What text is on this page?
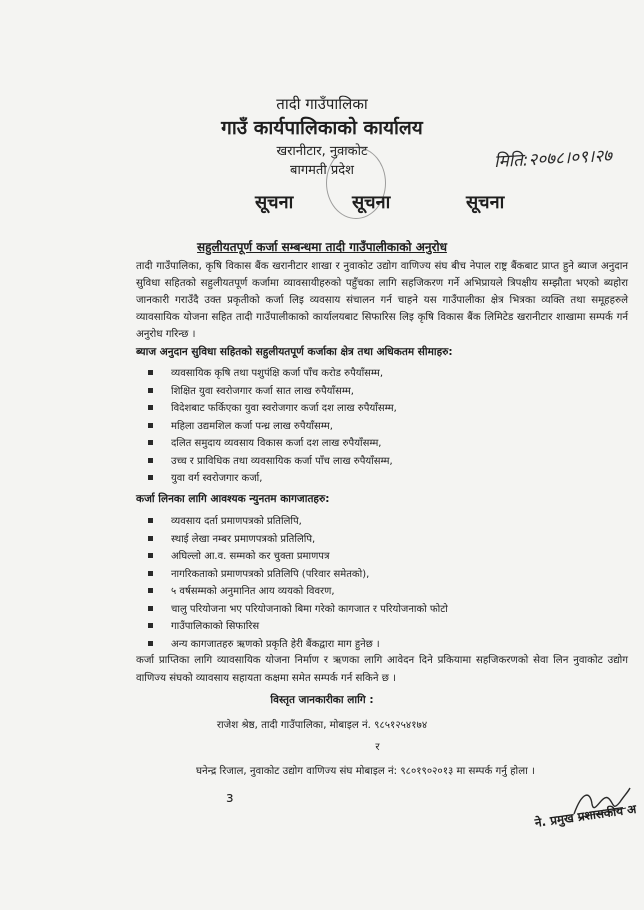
तादी गाउँपालिका
गाउँ कार्यपालिकाको कार्यालय
खरानीटार, नुवाकोट
बागमती प्रदेश	मिति:२०७८।०९।२७
सूचना	सूचना	सूचना
सहुलीयतपूर्ण कर्जा सम्बन्धमा तादी गाउँपालीकाको अनुरोध
तादी गाउँपालिका, कृषि विकास बैंक खरानीटार शाखा र नुवाकोट उद्योग वाणिज्य संघ बीच नेपाल राष्ट्र बैंकबाट प्राप्त हुने ब्याज अनुदान सुविधा सहितको सहुलीयतपूर्ण कर्जामा व्यावसायीहरुको पहुँचका लागि सहजिकरण गर्ने अभिप्रायले त्रिपक्षीय सम्झौता भएको ब्यहोरा जानकारी गराउँदै उक्त प्रकृतीको कर्जा लिइ व्यवसाय संचालन गर्न चाहने यस गाउँपालीका क्षेत्र भित्रका व्यक्ति तथा समूहहरुले व्यावसायिक योजना सहित तादी गाउँपालीकाको कार्यालयबाट सिफारिस लिइ कृषि विकास बैंक लिमिटेड खरानीटार शाखामा सम्पर्क गर्न अनुरोध गरिन्छ ।
ब्याज अनुदान सुविधा सहितको सहुलीयतपूर्ण कर्जाका क्षेत्र तथा अधिकतम सीमाहरु:
व्यवसायिक कृषि तथा पशुपंक्षि कर्जा पाँच करोड रुपैयाँसम्म,
शिक्षित युवा स्वरोजगार कर्जा सात लाख रुपैयाँसम्म,
विदेशबाट फर्किएका युवा स्वरोजगार कर्जा दश लाख रुपैयाँसम्म,
महिला उद्यमशिल कर्जा पन्ध्र लाख रुपैयाँसम्म,
दलित समुदाय व्यवसाय विकास कर्जा दश लाख रुपैयाँसम्म,
उच्च र प्राविधिक तथा व्यवसायिक कर्जा पाँच लाख रुपैयाँसम्म,
युवा वर्ग स्वरोजगार कर्जा,
कर्जा लिनका लागि आवश्यक न्युनतम कागजातहरु:
व्यवसाय दर्ता प्रमाणपत्रको प्रतिलिपि,
स्थाई लेखा नम्बर प्रमाणपत्रको प्रतिलिपि,
अघिल्लो आ.व. सम्मको कर चुक्ता प्रमाणपत्र
नागरिकताको प्रमाणपत्रको प्रतिलिपि (परिवार समेतको),
५ वर्षसम्मको अनुमानित आय व्ययको विवरण,
चालु परियोजना भए परियोजनाको बिमा गरेको कागजात र परियोजनाको फोटो
गाउँपालिकाको सिफारिस
अन्य कागजातहरु ऋणको प्रकृति हेरी बैंकद्वारा माग हुनेछ ।
कर्जा प्राप्तिका लागि व्यावसायिक योजना निर्माण र ऋणका लागि आवेदन दिने प्रकियामा सहजिकरणको सेवा लिन नुवाकोट उद्योग वाणिज्य संघको व्यावसाय सहायता कक्षमा समेत सम्पर्क गर्न सकिने छ ।
विस्तृत जानकारीका लागि :
राजेश श्रेष्ठ, तादी गाउँपालिका, मोबाइल नं. ९८५१२५४१७४
र
घनेन्द्र रिजाल, नुवाकोट उद्योग वाणिज्य संघ मोबाइल नं: ९८०१९०२०१३ मा सम्पर्क गर्नु होला ।
з
ने. प्रमुख प्रशासकीय अ
